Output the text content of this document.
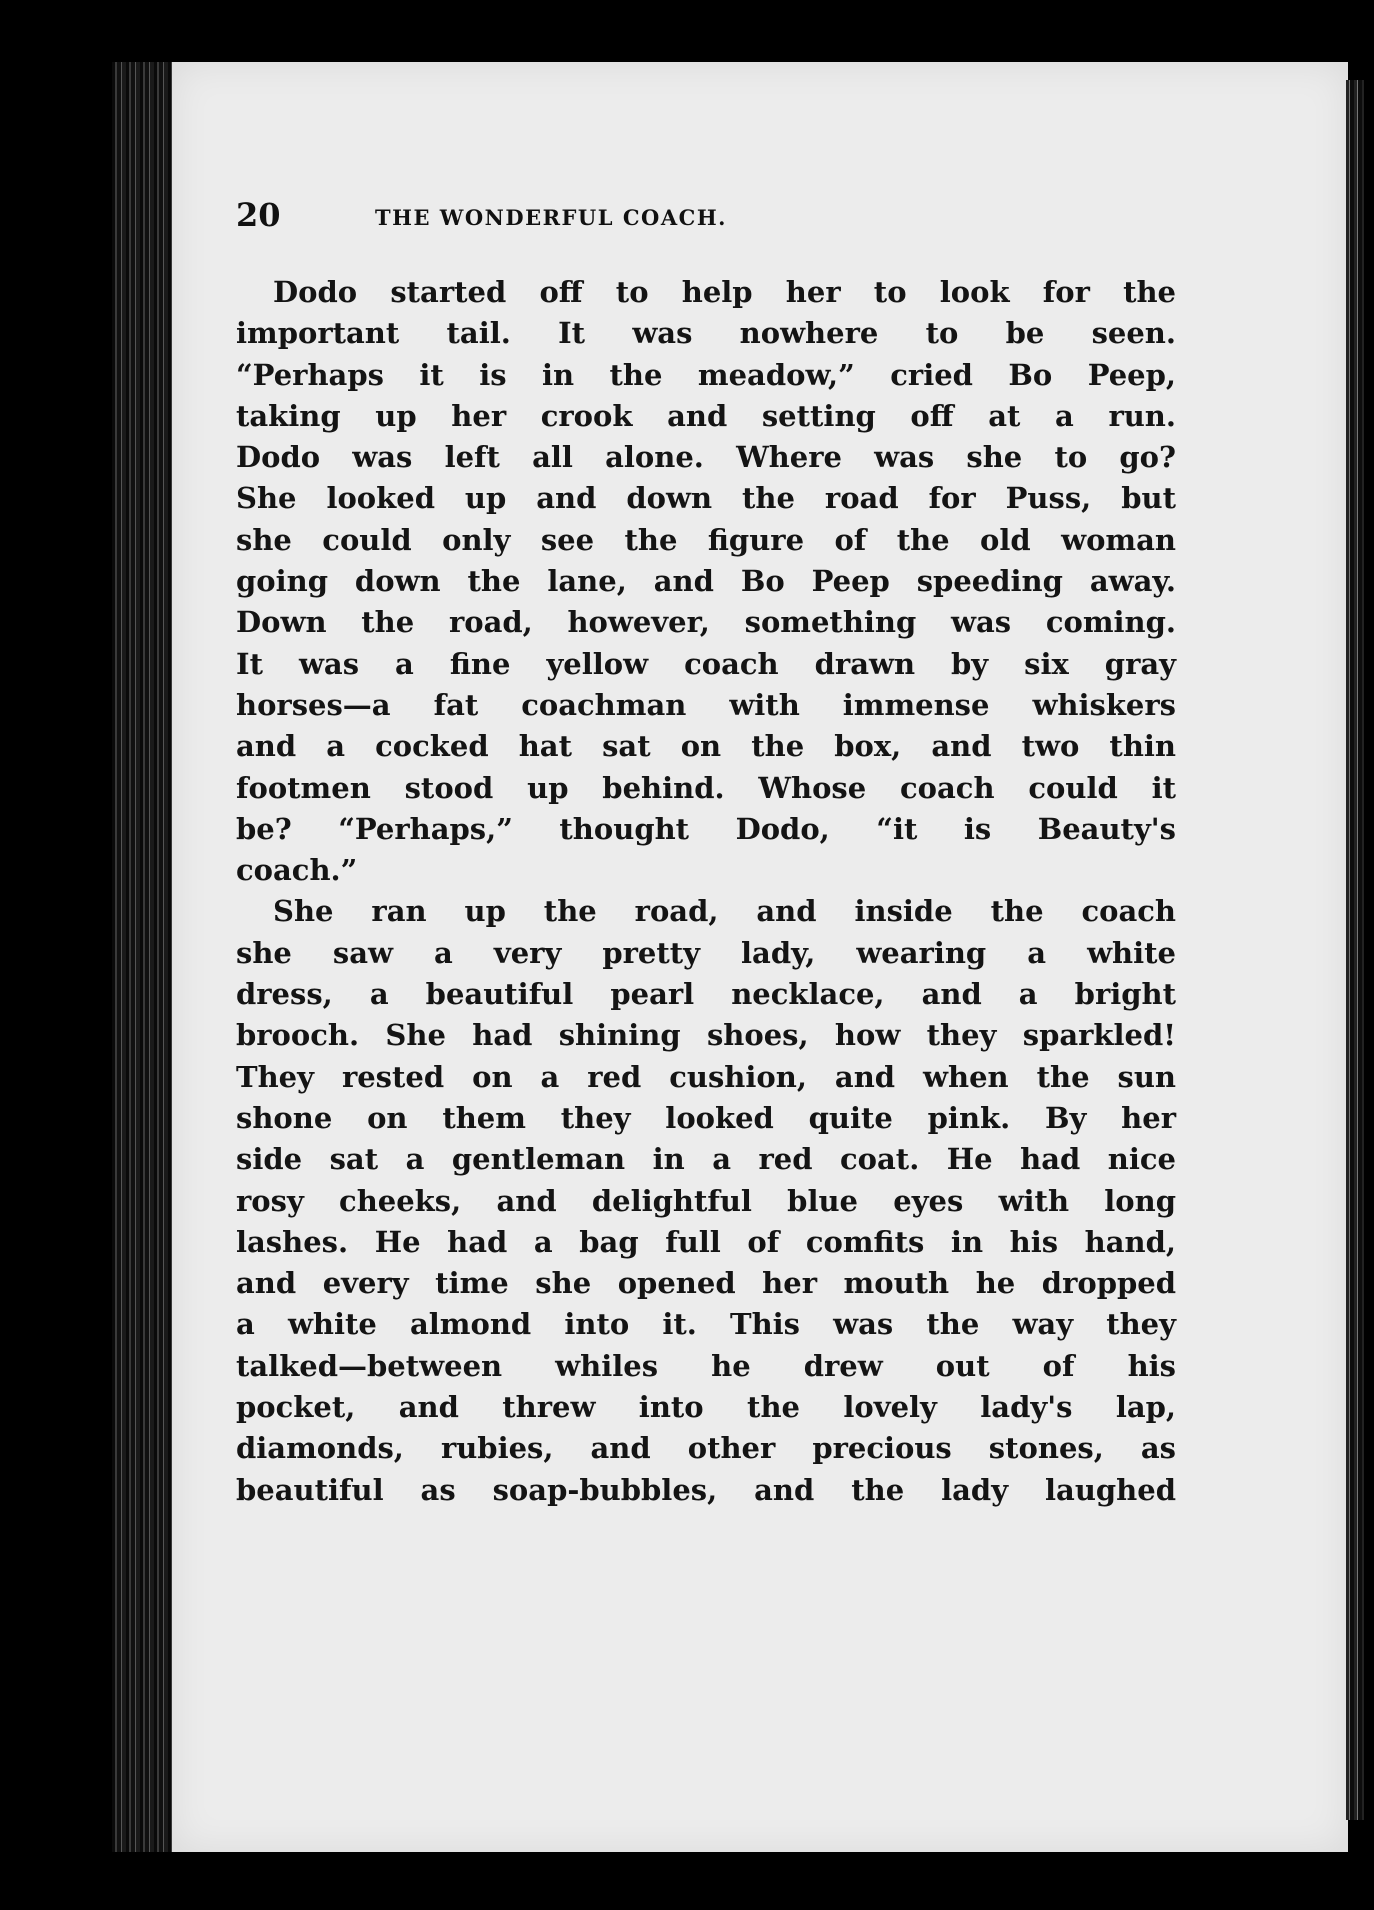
20	THE WONDERFUL COACH.
Dodo started off to help her to look for the
important tail. It was nowhere to be seen.
“Perhaps it is in the meadow,” cried Bo Peep,
taking up her crook and setting off at a run.
Dodo was left all alone. Where was she to go?
She looked up and down the road for Puss, but
she could only see the figure of the old woman
going down the lane, and Bo Peep speeding away.
Down the road, however, something was coming.
It was a fine yellow coach drawn by six gray
horses—a fat coachman with immense whiskers
and a cocked hat sat on the box, and two thin
footmen stood up behind. Whose coach could it
be? “Perhaps,” thought Dodo, “it is Beauty's
coach.”
She ran up the road, and inside the coach
she saw a very pretty lady, wearing a white
dress, a beautiful pearl necklace, and a bright
brooch. She had shining shoes, how they sparkled!
They rested on a red cushion, and when the sun
shone on them they looked quite pink. By her
side sat a gentleman in a red coat. He had nice
rosy cheeks, and delightful blue eyes with long
lashes. He had a bag full of comfits in his hand,
and every time she opened her mouth he dropped
a white almond into it. This was the way they
talked—between whiles he drew out of his
pocket, and threw into the lovely lady's lap,
diamonds, rubies, and other precious stones, as
beautiful as soap-bubbles, and the lady laughed
